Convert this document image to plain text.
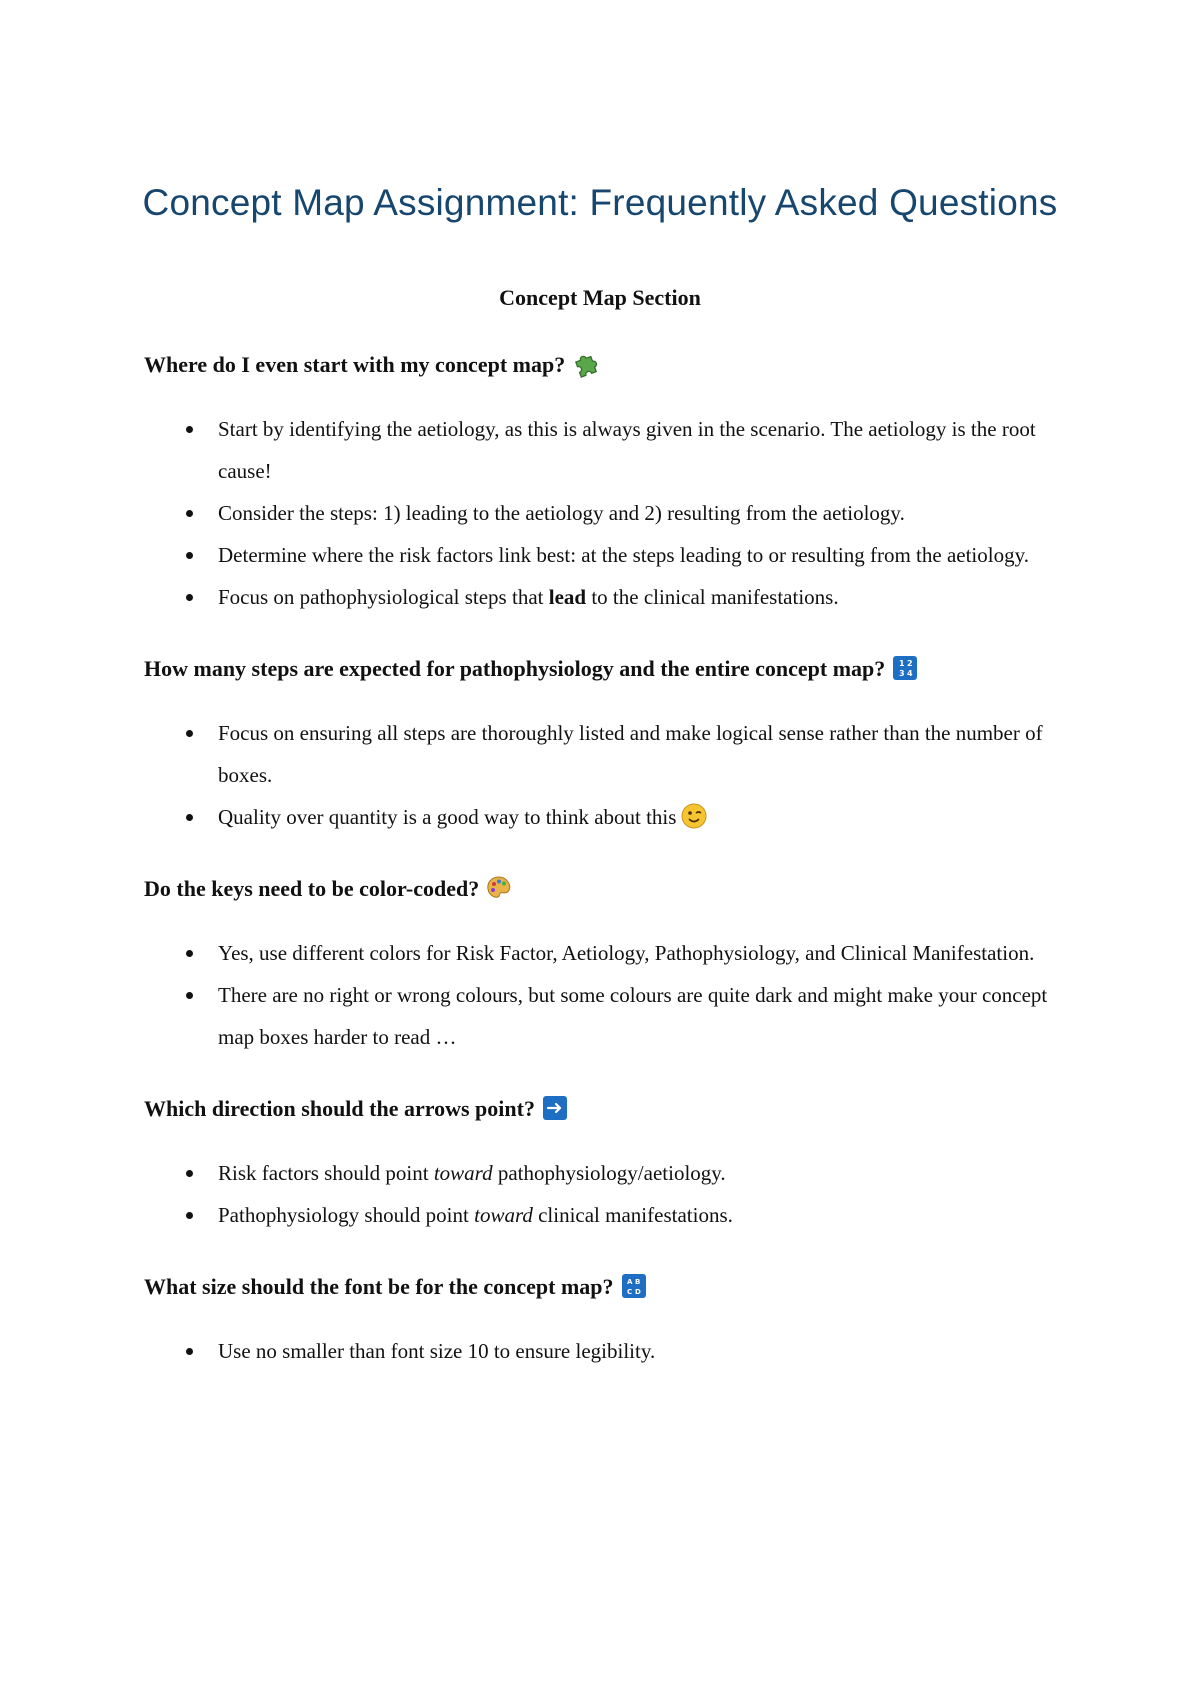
Concept Map Assignment: Frequently Asked Questions
Concept Map Section

Where do I even start with my concept map?

Start by identifying the aetiology, as this is always given in the scenario. The aetiology is the root cause!
Consider the steps: 1) leading to the aetiology and 2) resulting from the aetiology.
Determine where the risk factors link best: at the steps leading to or resulting from the aetiology.
Focus on pathophysiological steps that lead to the clinical manifestations.

How many steps are expected for pathophysiology and the entire concept map? 1 2
3 4

Focus on ensuring all steps are thoroughly listed and make logical sense rather than the number of boxes.
Quality over quantity is a good way to think about this

Do the keys need to be color-coded?

Yes, use different colors for Risk Factor, Aetiology, Pathophysiology, and Clinical Manifestation.
There are no right or wrong colours, but some colours are quite dark and might make your concept map boxes harder to read …

Which direction should the arrows point?

Risk factors should point toward pathophysiology/aetiology.
Pathophysiology should point toward clinical manifestations.

What size should the font be for the concept map? A B
C D

Use no smaller than font size 10 to ensure legibility.
